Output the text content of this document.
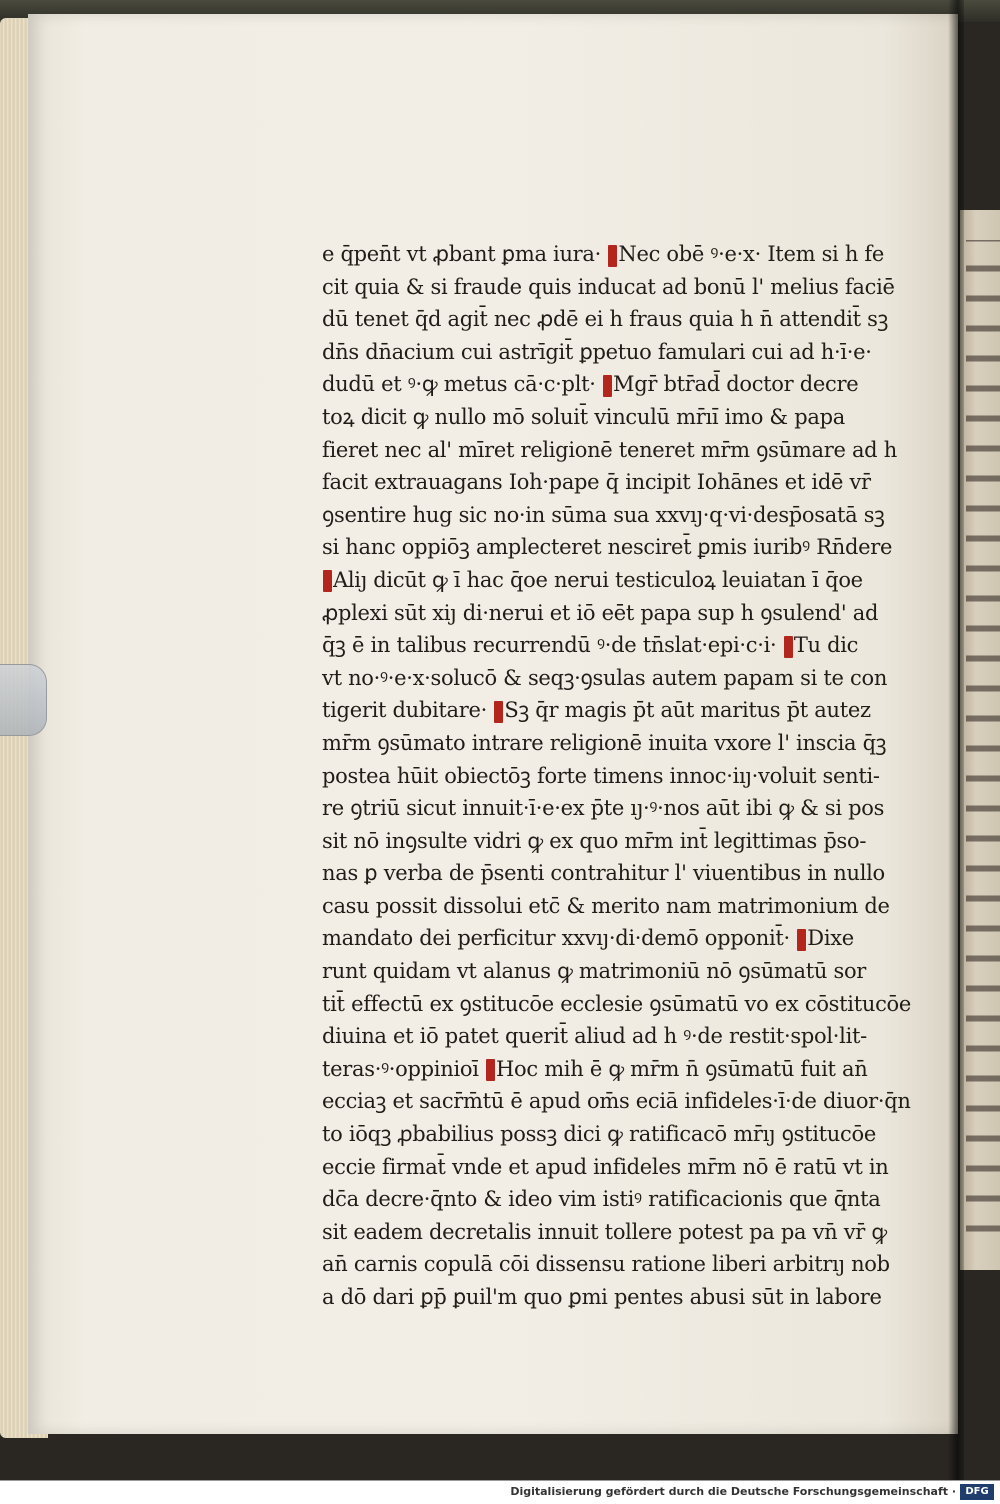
e q̄pen̄t vt ꝓbant ꝑma iura· Nec obē ꝰ·e·x· Item si h fe
cit quia & si fraude quis inducat ad bonū l' melius faciē
dū tenet q̄d agit̄ nec ꝓdē ei h fraus quia h n̄ attendit̄ sꝫ
dn̄s dn̄acium cui astrīgit̄ ꝑpetuo famulari cui ad h·ī·e·
dudū et ꝰ·ꝙ metus cā·c·plt· Mgr̄ btr̄ad̄ doctor decre
toꝝ dicit ꝙ nullo mō soluit̄ vinculū mr̄ıı̄ imo & papa
fieret nec al' mīret religionē teneret mr̄m ꝯsūmare ad h
facit extrauagans Ioh·pape q̄ incipit Iohānes et idē vr̄
ꝯsentire hug sic no·in sūma sua xxvıȷ·q·vi·desp̄osatā sꝫ
si hanc oppiōꝫ amplecteret nesciret̄ ꝑmis iuribꝰ Rn̄dere
Aliȷ dicūt ꝙ ī hac q̄oe nerui testiculoꝝ leuiatan ī q̄oe
ꝓplexi sūt xiȷ di·nerui et iō eēt papa sup h ꝯsulend' ad
q̄ꝫ ē in talibus recurrendū ꝰ·de tn̄slat·epi·c·i· Tu dic
vt no·ꝰ·e·x·solucō & seqꝫ·ꝯsulas autem papam si te con
tigerit dubitare· Sꝫ q̄r magis p̄t aūt maritus p̄t autez
mr̄m ꝯsūmato intrare religionē inuita vxore l' inscia q̄ꝫ
postea hūit obiectōꝫ forte timens innoc·iıȷ·voluit senti-
re ꝯtriū sicut innuit·ī·e·ex p̄te ıȷ·ꝰ·nos aūt ibi ꝙ & si pos
sit nō inꝯsulte vidri ꝙ ex quo mr̄m int̄ legittimas p̄so-
nas ꝑ verba de p̄senti contrahitur l' viuentibus in nullo
casu possit dissolui etc̄ & merito nam matrimonium de
mandato dei perficitur xxvıȷ·di·demō opponit̄· Dixe
runt quidam vt alanus ꝙ matrimoniū nō ꝯsūmatū sor
tit̄ effectū ex ꝯstitucōe ecclesie ꝯsūmatū vo ex cōstitucōe
diuina et iō patet querit̄ aliud ad h ꝰ·de restit·spol·lit-
teras·ꝰ·oppinioī Hoc mih ē ꝙ mr̄m n̄ ꝯsūmatū fuit an̄
ecciaꝫ et sacr̄m̄tū ē apud om̄s eciā infideles·ī·de diuor·q̄n
to iōqꝫ ꝓbabilius possꝫ dici ꝙ ratificacō mr̄ıȷ ꝯstitucōe
eccie firmat̄ vnde et apud infideles mr̄m nō ē ratū vt in
dc̄a decre·q̄nto & ideo vim istiꝰ ratificacionis que q̄nta
sit eadem decretalis innuit tollere potest pa pa vn̄ vr̄ ꝙ
an̄ carnis copulā cōi dissensu ratione liberi arbitrıȷ nob
a dō dari ꝑp̄ ꝑuil'm quo ꝑmi pentes abusi sūt in labore
Digitalisierung gefördert durch die Deutsche Forschungsgemeinschaft · DFG
